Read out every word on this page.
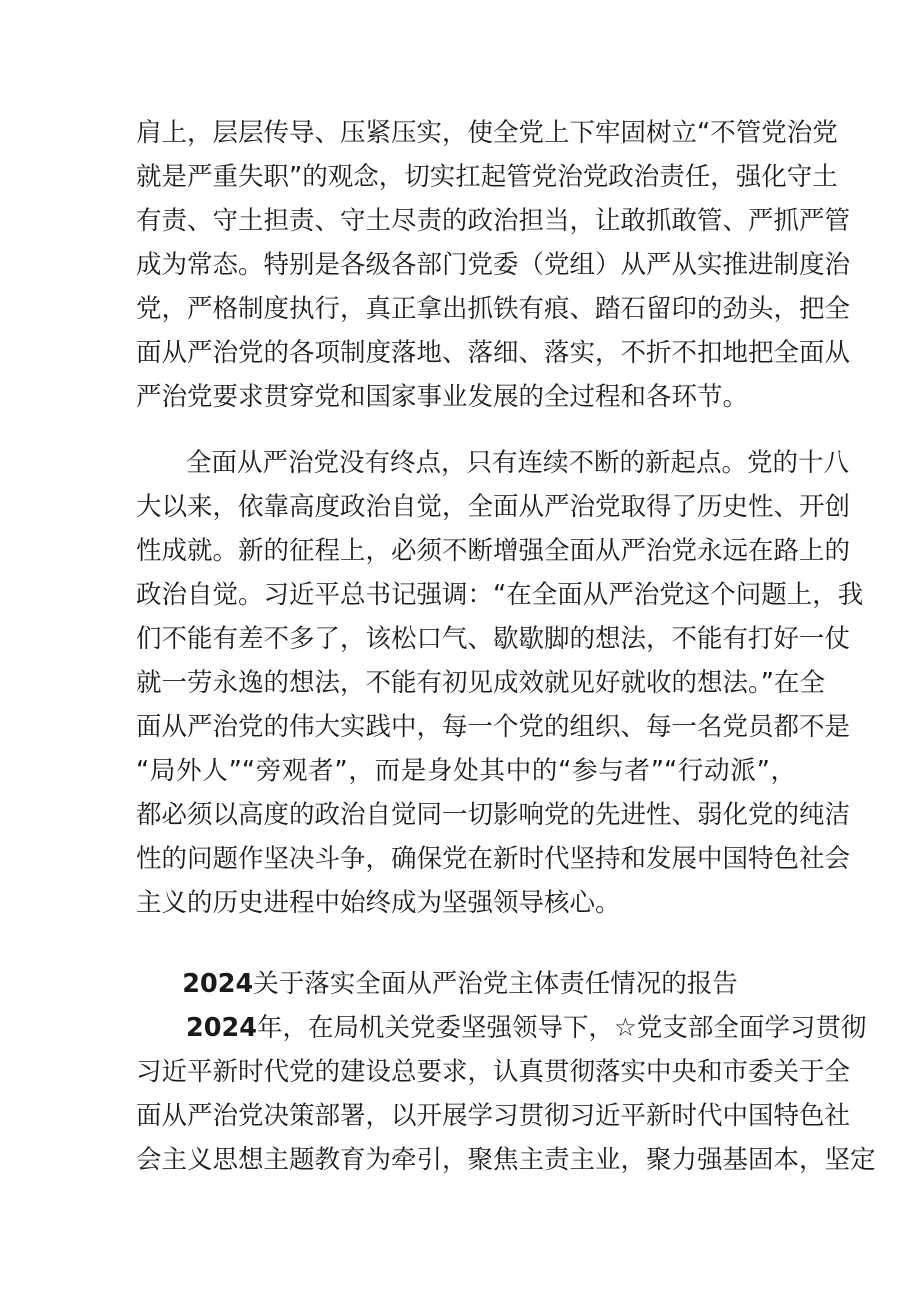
肩上，层层传导、压紧压实，使全党上下牢固树立“不管党治党
就是严重失职”的观念，切实扛起管党治党政治责任，强化守土
有责、守土担责、守土尽责的政治担当，让敢抓敢管、严抓严管
成为常态。特别是各级各部门党委（党组）从严从实推进制度治
党，严格制度执行，真正拿出抓铁有痕、踏石留印的劲头，把全
面从严治党的各项制度落地、落细、落实，不折不扣地把全面从
严治党要求贯穿党和国家事业发展的全过程和各环节。
全面从严治党没有终点，只有连续不断的新起点。党的十八
大以来，依靠高度政治自觉，全面从严治党取得了历史性、开创
性成就。新的征程上，必须不断增强全面从严治党永远在路上的
政治自觉。习近平总书记强调：“在全面从严治党这个问题上，我
们不能有差不多了，该松口气、歇歇脚的想法，不能有打好一仗
就一劳永逸的想法，不能有初见成效就见好就收的想法。”在全
面从严治党的伟大实践中，每一个党的组织、每一名党员都不是
“局外人”“旁观者”，而是身处其中的“参与者”“行动派”，
都必须以高度的政治自觉同一切影响党的先进性、弱化党的纯洁
性的问题作坚决斗争，确保党在新时代坚持和发展中国特色社会
主义的历史进程中始终成为坚强领导核心。
2024关于落实全面从严治党主体责任情况的报告
2024年，在局机关党委坚强领导下，☆党支部全面学习贯彻
习近平新时代党的建设总要求，认真贯彻落实中央和市委关于全
面从严治党决策部署，以开展学习贯彻习近平新时代中国特色社
会主义思想主题教育为牵引，聚焦主责主业，聚力强基固本，坚定
